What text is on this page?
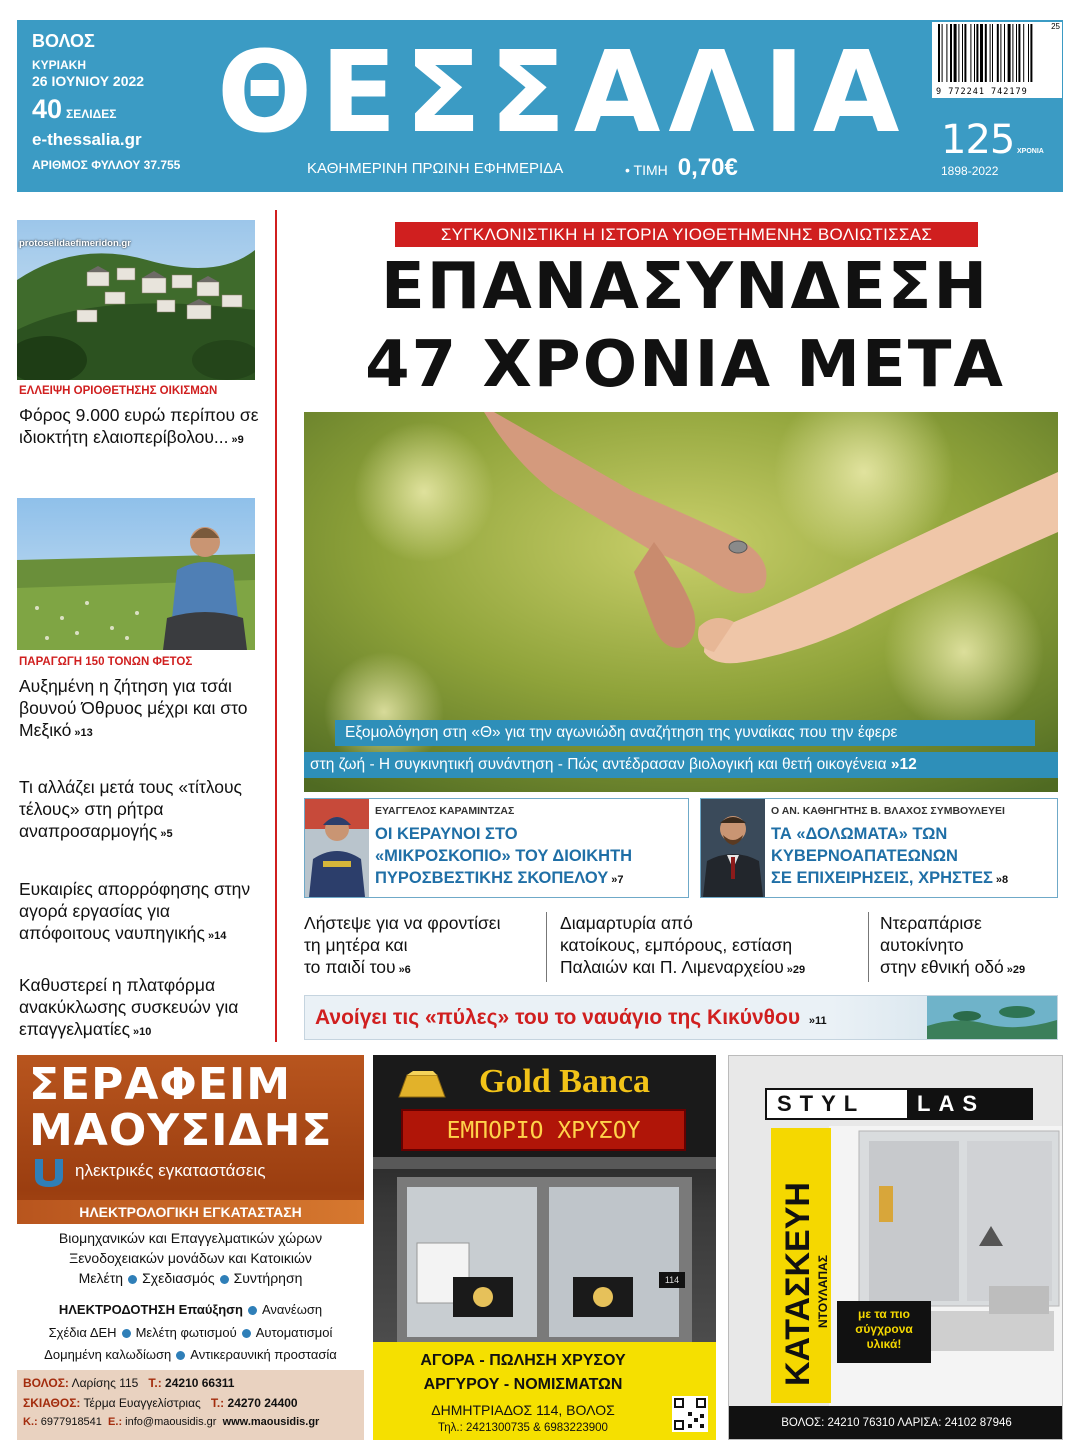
ΒΟΛΟΣ
ΚΥΡΙΑΚΗ
26 ΙΟΥΝΙΟΥ 2022
40 ΣΕΛΙΔΕΣ
e-thessalia.gr
ΑΡΙΘΜΟΣ ΦΥΛΛΟΥ 37.755
ΘΕΣΣΑΛΙΑ
ΚΑΘΗΜΕΡΙΝΗ ΠΡΩΙΝΗ ΕΦΗΜΕΡΙΔΑ	• ΤΙΜΗ 0,70€
9 772241 742179
25
125 ΧΡΟΝΙΑ
1898-2022
protoselidaefimeridon.gr
ΕΛΛΕΙΨΗ ΟΡΙΟΘΕΤΗΣΗΣ ΟΙΚΙΣΜΩΝ
Φόρος 9.000 ευρώ περίπου σε ιδιοκτήτη ελαιοπερίβολου... »9
ΠΑΡΑΓΩΓΗ 150 ΤΟΝΩΝ ΦΕΤΟΣ
Αυξημένη η ζήτηση για τσάι βουνού Όθρυος μέχρι και στο Μεξικό »13
Τι αλλάζει μετά τους «τίτλους τέλους» στη ρήτρα αναπροσαρμογής »5
Ευκαιρίες απορρόφησης στην αγορά εργασίας για απόφοιτους ναυπηγικής »14
Καθυστερεί η πλατφόρμα ανακύκλωσης συσκευών για επαγγελματίες »10
ΣΥΓΚΛΟΝΙΣΤΙΚΗ Η ΙΣΤΟΡΙΑ ΥΙΟΘΕΤΗΜΕΝΗΣ ΒΟΛΙΩΤΙΣΣΑΣ
ΕΠΑΝΑΣΥΝΔΕΣΗ
47 ΧΡΟΝΙΑ ΜΕΤΑ
Εξομολόγηση στη «Θ» για την αγωνιώδη αναζήτηση της γυναίκας που την έφερε
στη ζωή - Η συγκινητική συνάντηση - Πώς αντέδρασαν βιολογική και θετή οικογένεια »12
ΕΥΑΓΓΕΛΟΣ ΚΑΡΑΜΙΝΤΖΑΣ
ΟΙ ΚΕΡΑΥΝΟΙ ΣΤΟ
«ΜΙΚΡΟΣΚΟΠΙΟ» ΤΟΥ ΔΙΟΙΚΗΤΗ
ΠΥΡΟΣΒΕΣΤΙΚΗΣ ΣΚΟΠΕΛΟΥ »7
Ο ΑΝ. ΚΑΘΗΓΗΤΗΣ Β. ΒΛΑΧΟΣ ΣΥΜΒΟΥΛΕΥΕΙ
ΤΑ «ΔΟΛΩΜΑΤΑ» ΤΩΝ
ΚΥΒΕΡΝΟΑΠΑΤΕΩΝΩΝ
ΣΕ ΕΠΙΧΕΙΡΗΣΕΙΣ, ΧΡΗΣΤΕΣ »8
Λήστεψε για να φροντίσει
τη μητέρα και
το παιδί του »6
Διαμαρτυρία από
κατοίκους, εμπόρους, εστίαση
Παλαιών και Π. Λιμεναρχείου »29
Ντεραπάρισε
αυτοκίνητο
στην εθνική οδό »29
Ανοίγει τις «πύλες» του το ναυάγιο της Κικύνθου »11
ΣΕΡΑΦΕΙΜ
ΜΑΟΥΣΙΔΗΣ
ηλεκτρικές εγκαταστάσεις
ΗΛΕΚΤΡΟΛΟΓΙΚΗ ΕΓΚΑΤΑΣΤΑΣΗ
Βιομηχανικών και Επαγγελματικών χώρων
Ξενοδοχειακών μονάδων και Κατοικιών
Μελέτη Σχεδιασμός Συντήρηση
ΗΛΕΚΤΡΟΔΟΤΗΣΗ Επαύξηση Ανανέωση
Σχέδια ΔΕΗ Μελέτη φωτισμού Αυτοματισμοί
Δομημένη καλωδίωση Αντικεραυνική προστασία
ΒΟΛΟΣ: Λαρίσης 115 Τ.: 24210 66311
ΣΚΙΑΘΟΣ: Τέρμα Ευαγγελίστριας Τ.: 24270 24400
Κ.: 6977918541 Ε.: info@maousidis.gr www.maousidis.gr
Gold Banca
ΕΜΠΟΡΙΟ ΧΡΥΣΟΥ
114
ΑΓΟΡΑ - ΠΩΛΗΣΗ ΧΡΥΣΟΥ
ΑΡΓΥΡΟΥ - ΝΟΜΙΣΜΑΤΩΝ
ΔΗΜΗΤΡΙΑΔΟΣ 114, ΒΟΛΟΣ
Τηλ.: 2421300735 & 6983223900
STYL	LAS
ΚΑΤΑΣΚΕΥΗ ΝΤΟΥΛΑΠΑΣ	με τα πιο σύγχρονα υλικά!
ΒΟΛΟΣ: 24210 76310 ΛΑΡΙΣΑ: 24102 87946
